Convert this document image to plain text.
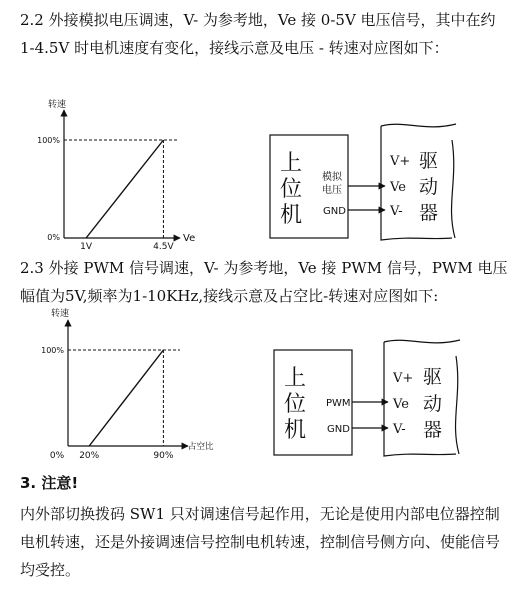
2.2 外接模拟电压调速，V- 为参考地，Ve 接 0-5V 电压信号，其中在约 1-4.5V 时电机速度有变化，接线示意及电压 - 转速对应图如下：

转速
100%
0%
1V	4.5V
Ve
上
位
机
模拟
电压
GND
V+
Ve
V-
驱
动
器
转速
100%
0% 20%	90%
占空比
上
位
机
PWM
GND
V+
Ve
V-
驱
动
器

2.3 外接 PWM 信号调速，V- 为参考地，Ve 接 PWM 信号，PWM 电压幅值为5V,频率为1-10KHz,接线示意及占空比-转速对应图如下:

3. 注意!

内外部切换拨码 SW1 只对调速信号起作用，无论是使用内部电位器控制电机转速，还是外接调速信号控制电机转速，控制信号侧方向、使能信号均受控。
